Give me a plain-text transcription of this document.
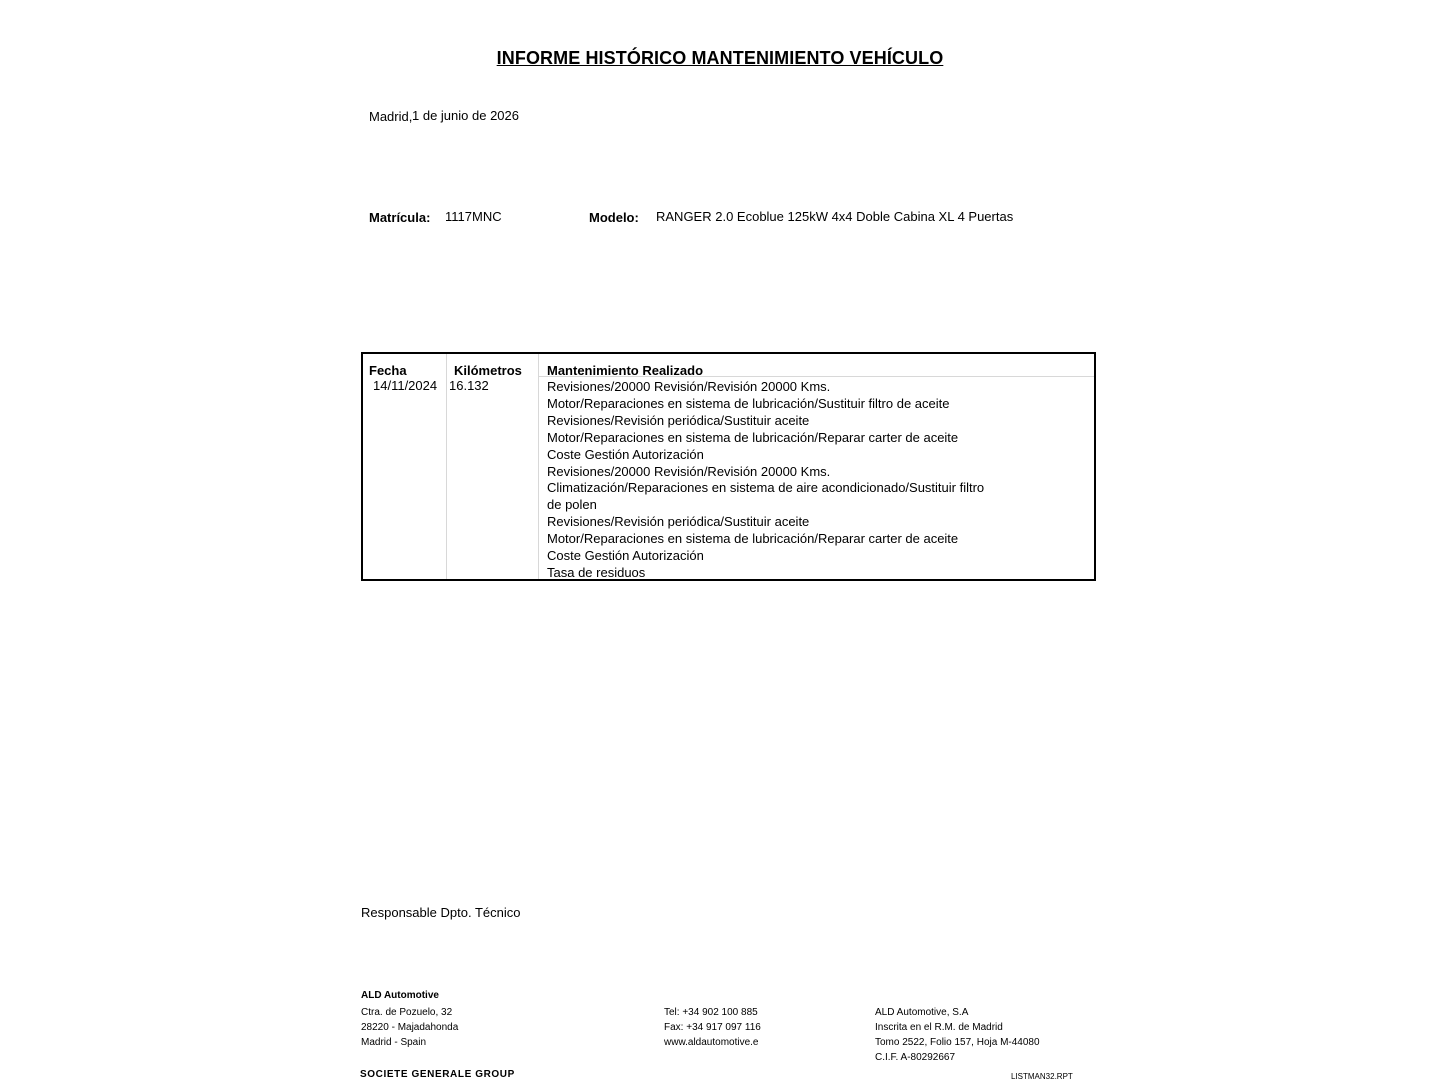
INFORME HISTÓRICO MANTENIMIENTO VEHÍCULO
Madrid, 1 de junio de 2026
Matrícula: 1117MNC	Modelo: RANGER 2.0 Ecoblue 125kW 4x4 Doble Cabina XL 4 Puertas
Fecha	Kilómetros Mantenimiento Realizado
14/11/2024 16.132	Revisiones/20000 Revisión/Revisión 20000 Kms.
Motor/Reparaciones en sistema de lubricación/Sustituir filtro de aceite
Revisiones/Revisión periódica/Sustituir aceite
Motor/Reparaciones en sistema de lubricación/Reparar carter de aceite
Coste Gestión Autorización
Revisiones/20000 Revisión/Revisión 20000 Kms.
Climatización/Reparaciones en sistema de aire acondicionado/Sustituir filtro de polen
Revisiones/Revisión periódica/Sustituir aceite
Motor/Reparaciones en sistema de lubricación/Reparar carter de aceite
Coste Gestión Autorización
Tasa de residuos
Responsable Dpto. Técnico
ALD Automotive
Ctra. de Pozuelo, 32
28220 - Majadahonda
Madrid - Spain
Tel: +34 902 100 885
Fax: +34 917 097 116
www.aldautomotive.e
ALD Automotive, S.A
Inscrita en el R.M. de Madrid
Tomo 2522, Folio 157, Hoja M-44080
C.I.F. A-80292667
SOCIETE GENERALE GROUP	LISTMAN32.RPT
